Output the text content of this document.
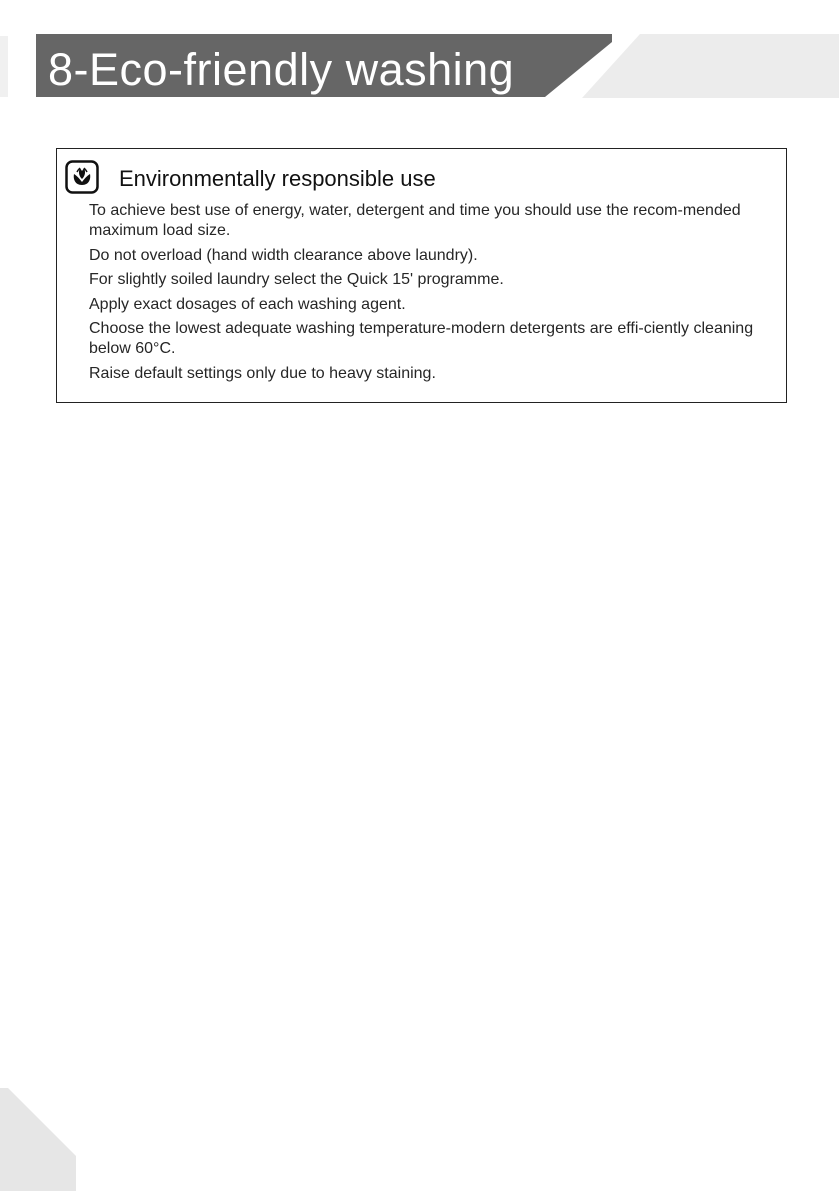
8-Eco-friendly washing
Environmentally responsible use
To achieve best use of energy, water, detergent and time you should use the recom-mended maximum load size.
Do not overload (hand width clearance above laundry).
For slightly soiled laundry select the Quick 15' programme.
Apply exact dosages of each washing agent.
Choose the lowest adequate washing temperature-modern detergents are effi-ciently cleaning below 60°C.
Raise default settings only due to heavy staining.
